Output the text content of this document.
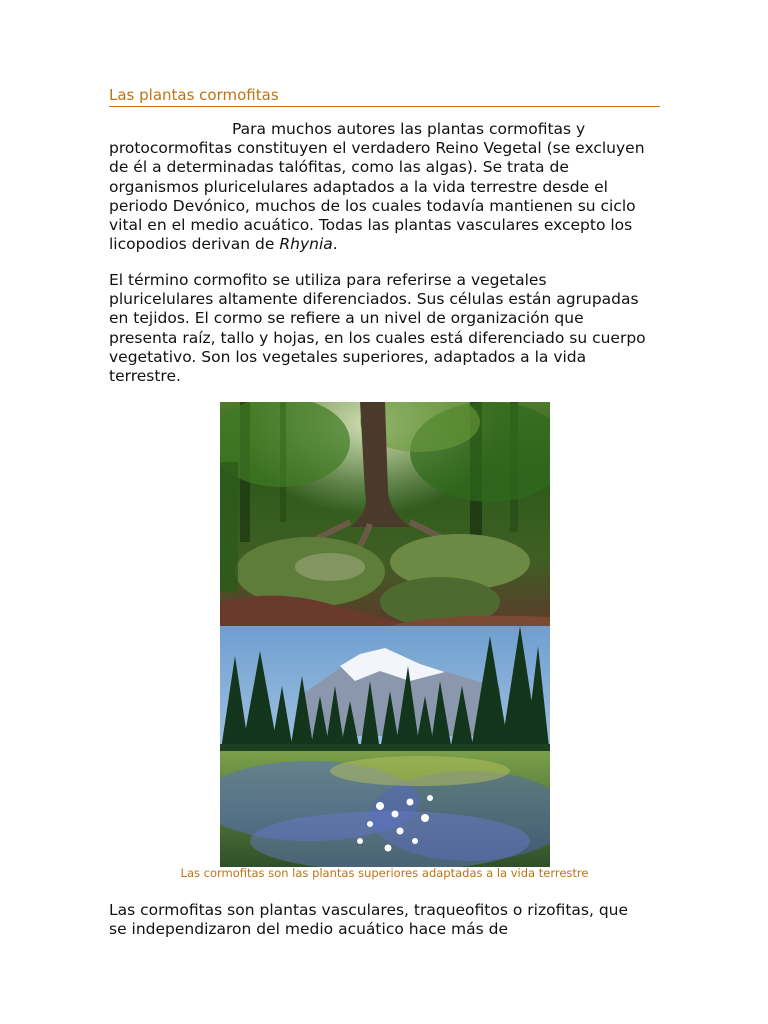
Las plantas cormofitas

Para muchos autores las plantas cormofitas y protocormofitas constituyen el verdadero Reino Vegetal (se excluyen de él a determinadas talófitas, como las algas). Se trata de organismos pluricelulares adaptados a la vida terrestre desde el periodo Devónico, muchos de los cuales todavía mantienen su ciclo vital en el medio acuático. Todas las plantas vasculares excepto los licopodios derivan de Rhynia.

El término cormofito se utiliza para referirse a vegetales pluricelulares altamente diferenciados. Sus células están agrupadas en tejidos. El cormo se refiere a un nivel de organización que presenta raíz, tallo y hojas, en los cuales está diferenciado su cuerpo vegetativo. Son los vegetales superiores, adaptados a la vida terrestre.

Las cormofitas son las plantas superiores adaptadas a la vida terrestre

Las cormofitas son plantas vasculares, traqueofitos o rizofitas, que se independizaron del medio acuático hace más de
